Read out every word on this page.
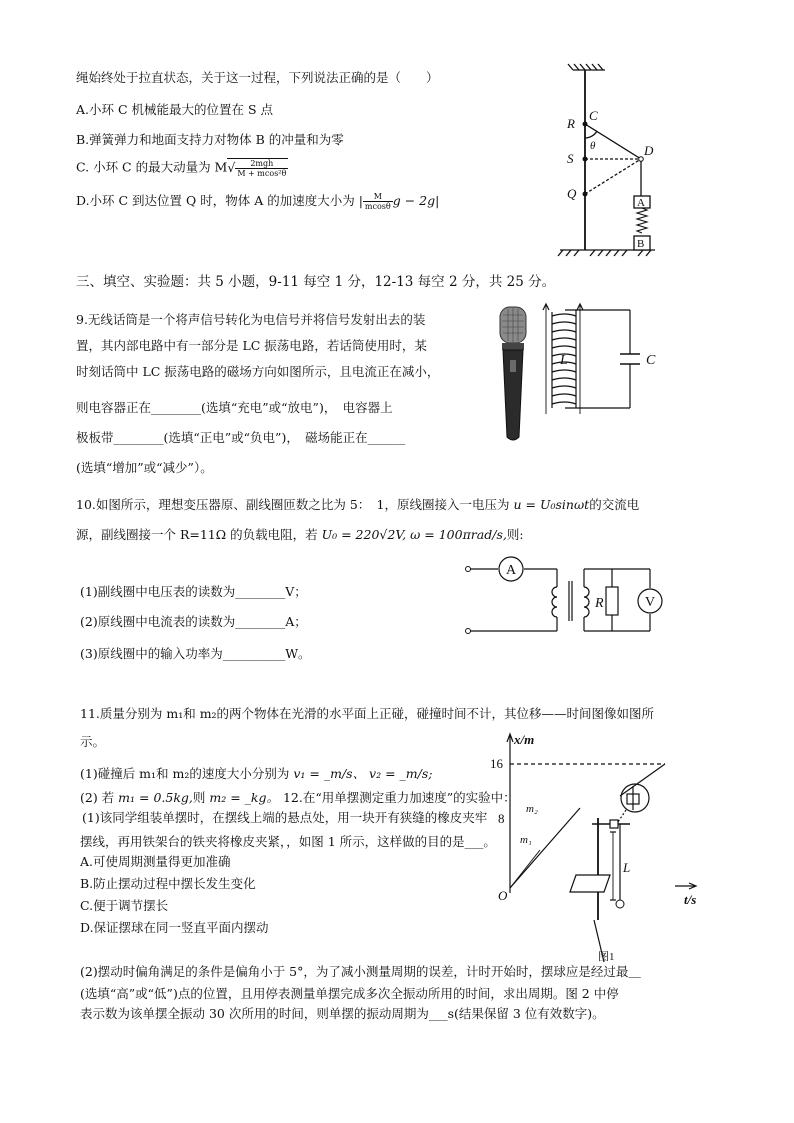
绳始终处于拉直状态，关于这一过程，下列说法正确的是（　　）
A.小环 C 机械能最大的位置在 S 点
B.弹簧弹力和地面支持力对物体 B 的冲量和为零
C. 小环 C 的最大动量为 $M√ \frac{\text{2mgh}}{\text{M + mcos²θ}}$
D.小环 C 到达位置 Q 时，物体 A 的加速度大小为 | $\frac{M}{mcos\theta}$ g − 2g|
R
C
S
Q
D
θ
A
B
三、填空、实验题：共 5 小题，9-11 每空 1 分，12-13 每空 2 分，共 25 分。
9.无线话筒是一个将声信号转化为电信号并将信号发射出去的装
置，其内部电路中有一部分是 LC 振荡电路，若话筒使用时，某
时刻话筒中 LC 振荡电路的磁场方向如图所示，且电流正在减小，
则电容器正在________(选填“充电”或“放电”)，　电容器上
极板带________(选填“正电”或“负电”)，　磁场能正在______
(选填“增加”或“减少”）。
L	C
10.如图所示，理想变压器原、副线圈匝数之比为 5：　1，原线圈接入一电压为 u = U₀sinωt的交流电
源，副线圈接一个 R=11Ω 的负载电阻，若 U₀ = 220√2V, ω = 100πrad/s,则:
(1)副线圈中电压表的读数为________V；
(2)原线圈中电流表的读数为________A；
(3)原线圈中的输入功率为__________W。
A
V
R
11.质量分别为 m₁和 m₂的两个物体在光滑的水平面上正碰，碰撞时间不计，其位移——时间图像如图所
示。
(1)碰撞后 m₁和 m₂的速度大小分别为 v₁ = _m/s、 v₂ = _m/s;
(2) 若 m₁ = 0.5kg,则 m₂ = _kg。 12.在“用单摆测定重力加速度”的实验中：
x/m
16
8
m₁
m₂
O	t/s
L
图1
(1)该同学组装单摆时，在摆线上端的悬点处，用一块开有狭缝的橡皮夹牢
摆线，再用铁架台的铁夹将橡皮夹紧，，如图 1 所示，这样做的目的是___。
A.可使周期测量得更加准确
B.防止摆动过程中摆长发生变化
C.便于调节摆长
D.保证摆球在同一竖直平面内摆动
(2)摆动时偏角满足的条件是偏角小于 5°，为了减小测量周期的误差，计时开始时，摆球应是经过最＿
(选填“高”或“低”)点的位置，且用停表测量单摆完成多次全振动所用的时间，求出周期。图 2 中停
表示数为该单摆全振动 30 次所用的时间，则单摆的振动周期为___s(结果保留 3 位有效数字)。
